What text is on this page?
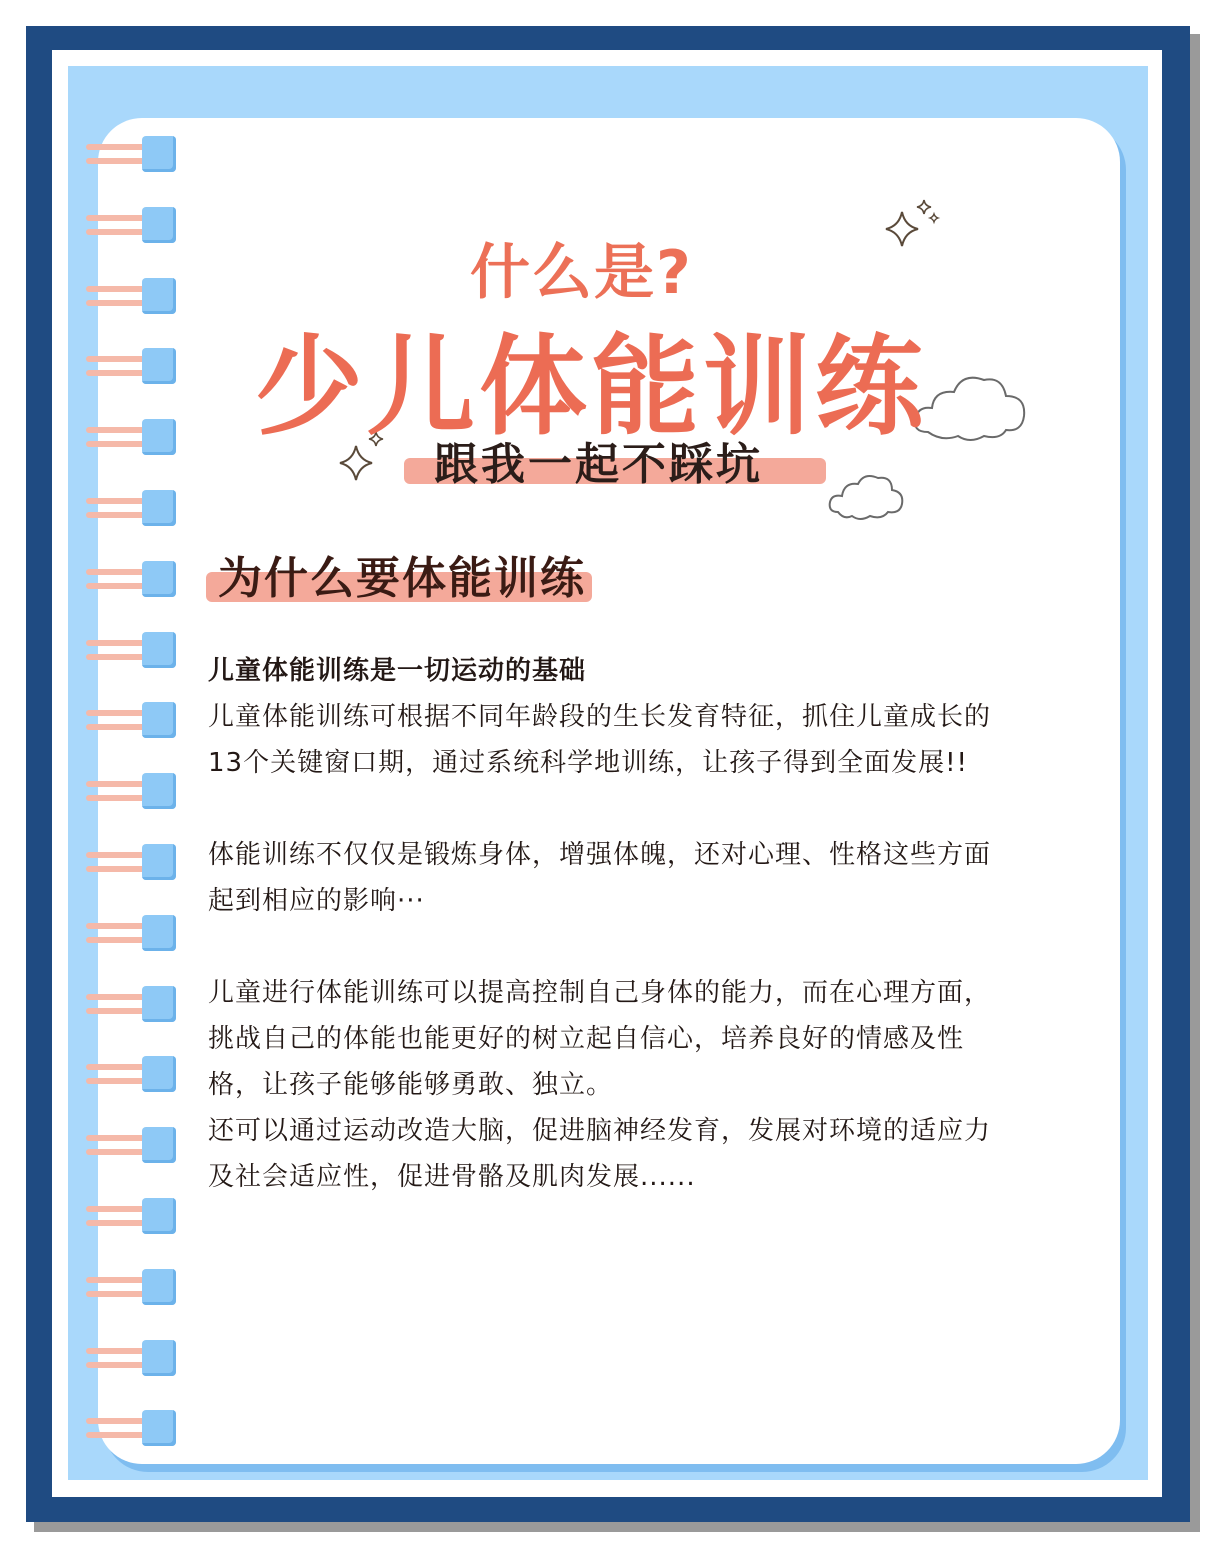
什么是?
少儿体能训练
跟我一起不踩坑
为什么要体能训练

儿童体能训练是一切运动的基础

儿童体能训练可根据不同年龄段的生长发育特征，抓住儿童成长的13个关键窗口期，通过系统科学地训练，让孩子得到全面发展!!

体能训练不仅仅是锻炼身体，增强体魄，还对心理、性格这些方面起到相应的影响···

儿童进行体能训练可以提高控制自己身体的能力，而在心理方面，挑战自己的体能也能更好的树立起自信心，培养良好的情感及性格，让孩子能够能够勇敢、独立。

还可以通过运动改造大脑，促进脑神经发育，发展对环境的适应力及社会适应性，促进骨骼及肌肉发展......
